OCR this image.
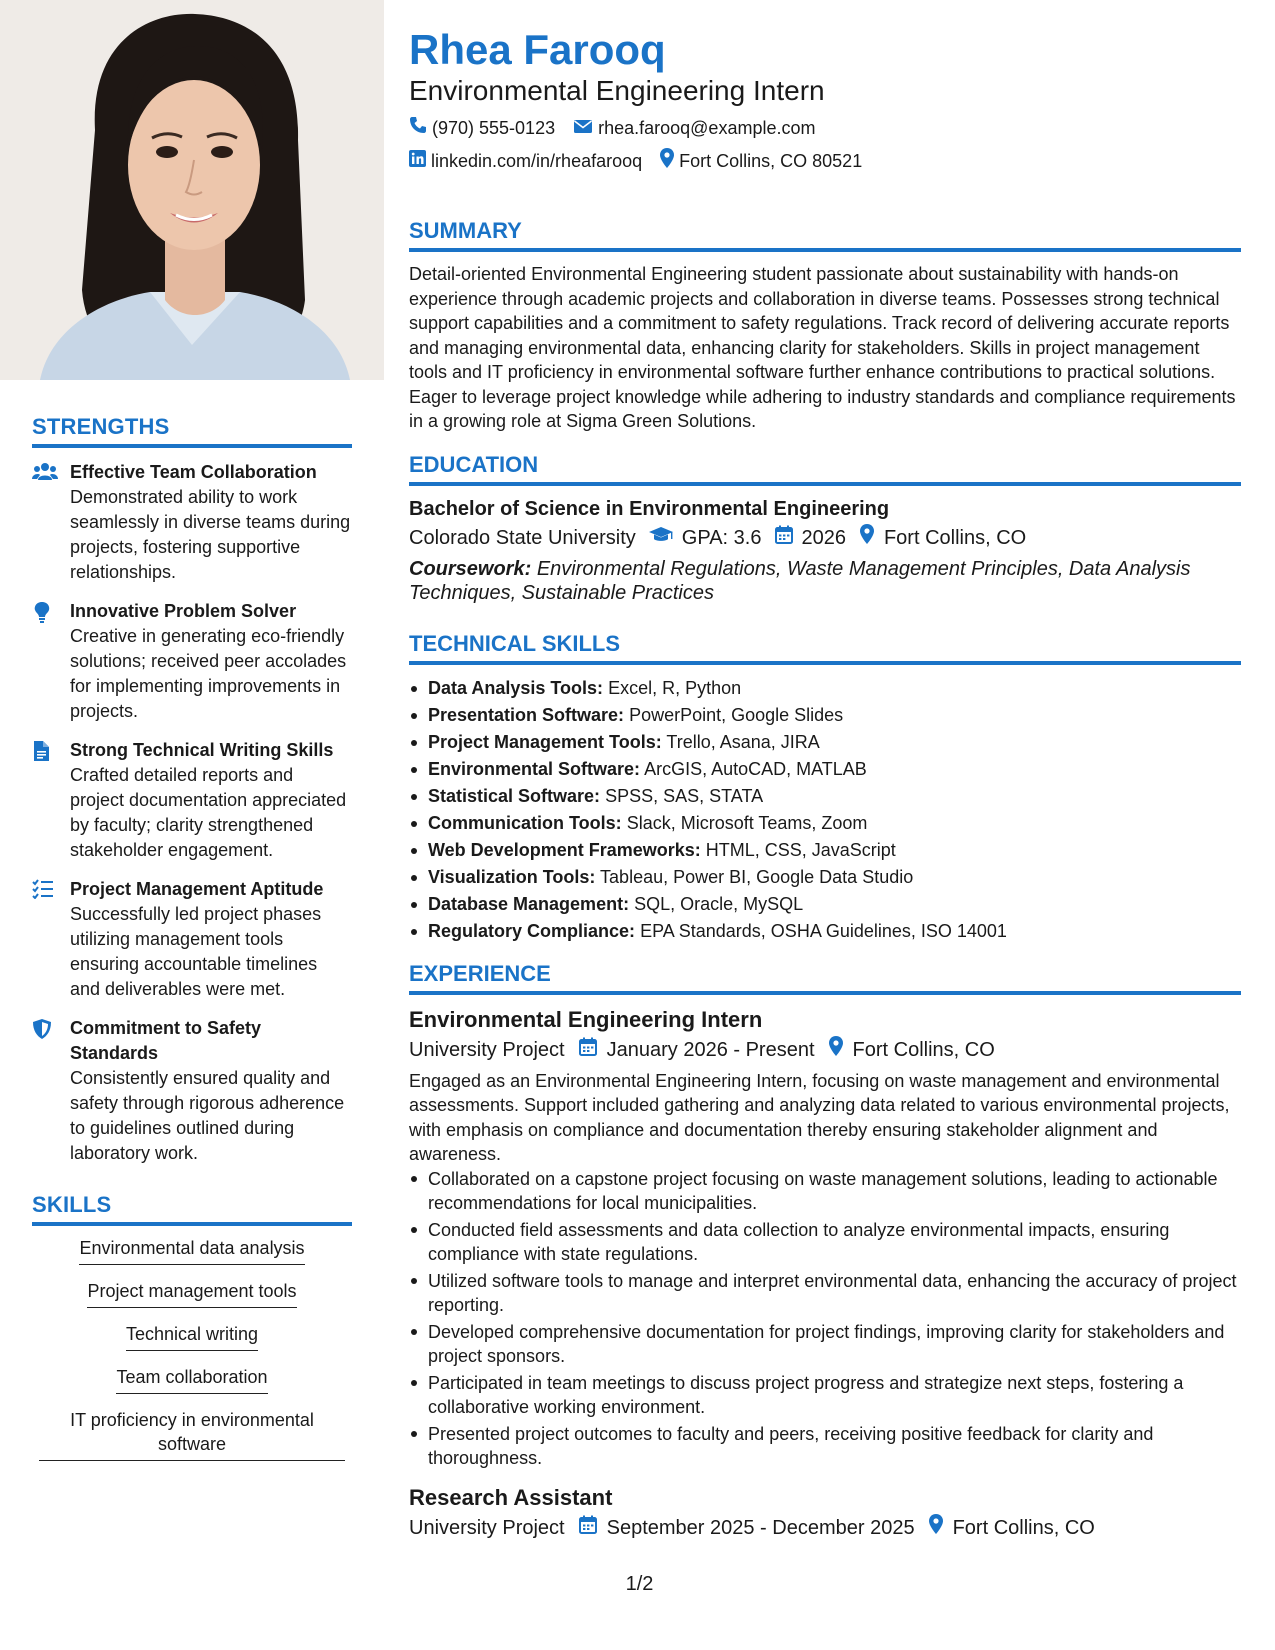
STRENGTHS
Effective Team Collaboration
Demonstrated ability to work seamlessly in diverse teams during projects, fostering supportive relationships.
Innovative Problem Solver
Creative in generating eco-friendly solutions; received peer accolades for implementing improvements in projects.
Strong Technical Writing Skills
Crafted detailed reports and project documentation appreciated by faculty; clarity strengthened stakeholder engagement.
Project Management Aptitude
Successfully led project phases utilizing management tools ensuring accountable timelines and deliverables were met.
Commitment to Safety Standards
Consistently ensured quality and safety through rigorous adherence to guidelines outlined during laboratory work.
SKILLS
Environmental data analysis
Project management tools
Technical writing
Team collaboration
IT proficiency in environmental software
Rhea Farooq
Environmental Engineering Intern
(970) 555-0123 rhea.farooq@example.com
linkedin.com/in/rheafarooq Fort Collins, CO 80521
SUMMARY
Detail-oriented Environmental Engineering student passionate about sustainability with hands-on experience through academic projects and collaboration in diverse teams. Possesses strong technical support capabilities and a commitment to safety regulations. Track record of delivering accurate reports and managing environmental data, enhancing clarity for stakeholders. Skills in project management tools and IT proficiency in environmental software further enhance contributions to practical solutions. Eager to leverage project knowledge while adhering to industry standards and compliance requirements in a growing role at Sigma Green Solutions.
EDUCATION
Bachelor of Science in Environmental Engineering
Colorado State University GPA: 3.6 2026 Fort Collins, CO
Coursework: Environmental Regulations, Waste Management Principles, Data Analysis Techniques, Sustainable Practices
TECHNICAL SKILLS
Data Analysis Tools: Excel, R, Python
Presentation Software: PowerPoint, Google Slides
Project Management Tools: Trello, Asana, JIRA
Environmental Software: ArcGIS, AutoCAD, MATLAB
Statistical Software: SPSS, SAS, STATA
Communication Tools: Slack, Microsoft Teams, Zoom
Web Development Frameworks: HTML, CSS, JavaScript
Visualization Tools: Tableau, Power BI, Google Data Studio
Database Management: SQL, Oracle, MySQL
Regulatory Compliance: EPA Standards, OSHA Guidelines, ISO 14001
EXPERIENCE
Environmental Engineering Intern
University Project January 2026 - Present Fort Collins, CO
Engaged as an Environmental Engineering Intern, focusing on waste management and environmental assessments. Support included gathering and analyzing data related to various environmental projects, with emphasis on compliance and documentation thereby ensuring stakeholder alignment and awareness.
Collaborated on a capstone project focusing on waste management solutions, leading to actionable recommendations for local municipalities.
Conducted field assessments and data collection to analyze environmental impacts, ensuring compliance with state regulations.
Utilized software tools to manage and interpret environmental data, enhancing the accuracy of project reporting.
Developed comprehensive documentation for project findings, improving clarity for stakeholders and project sponsors.
Participated in team meetings to discuss project progress and strategize next steps, fostering a collaborative working environment.
Presented project outcomes to faculty and peers, receiving positive feedback for clarity and thoroughness.
Research Assistant
University Project September 2025 - December 2025 Fort Collins, CO
1/2
